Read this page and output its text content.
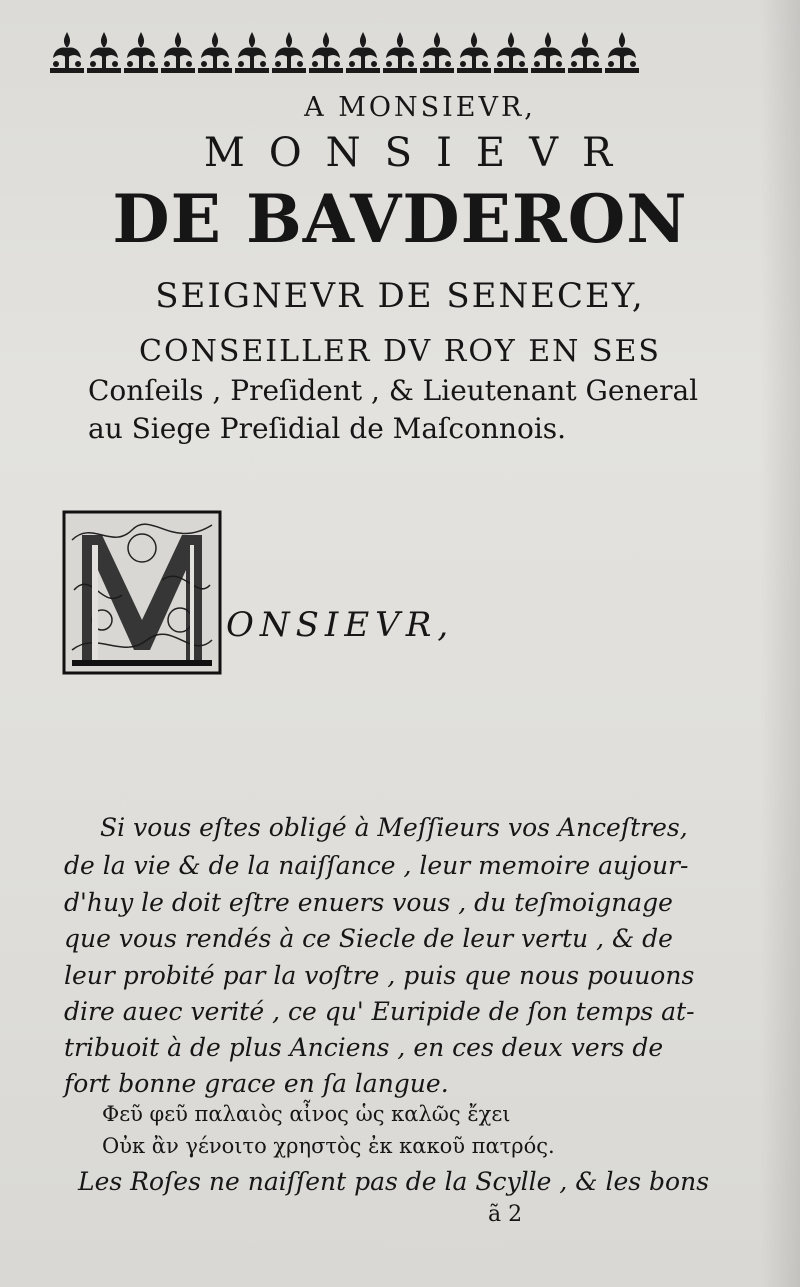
A MONSIEVR,
MONSIEVR
DE BAVDERON
SEIGNEVR DE SENECEY,
CONSEILLER DV ROY EN SES
Conſeils , Preſident , & Lieutenant General
au Siege Preſidial de Maſconnois.
ONSIEVR,
Si vous eſtes obligé à Meſſieurs vos Anceſtres,
de la vie & de la naiſſance , leur memoire aujour-
d'huy le doit eſtre enuers vous , du teſmoignage
que vous rendés à ce Siecle de leur vertu , & de
leur probité par la voſtre , puis que nous pouuons
dire auec verité , ce qu' Euripide de ſon temps at-
tribuoit à de plus Anciens , en ces deux vers de
fort bonne grace en ſa langue.
Φεῦ φεῦ παλαιὸς αἶνος ὡς καλῶς ἔχει
Οὐκ ἂν γένοιτο χρηστὸς ἐκ κακοῦ πατρός.
Les Roſes ne naiſſent pas de la Scylle , & les bons
ã 2
